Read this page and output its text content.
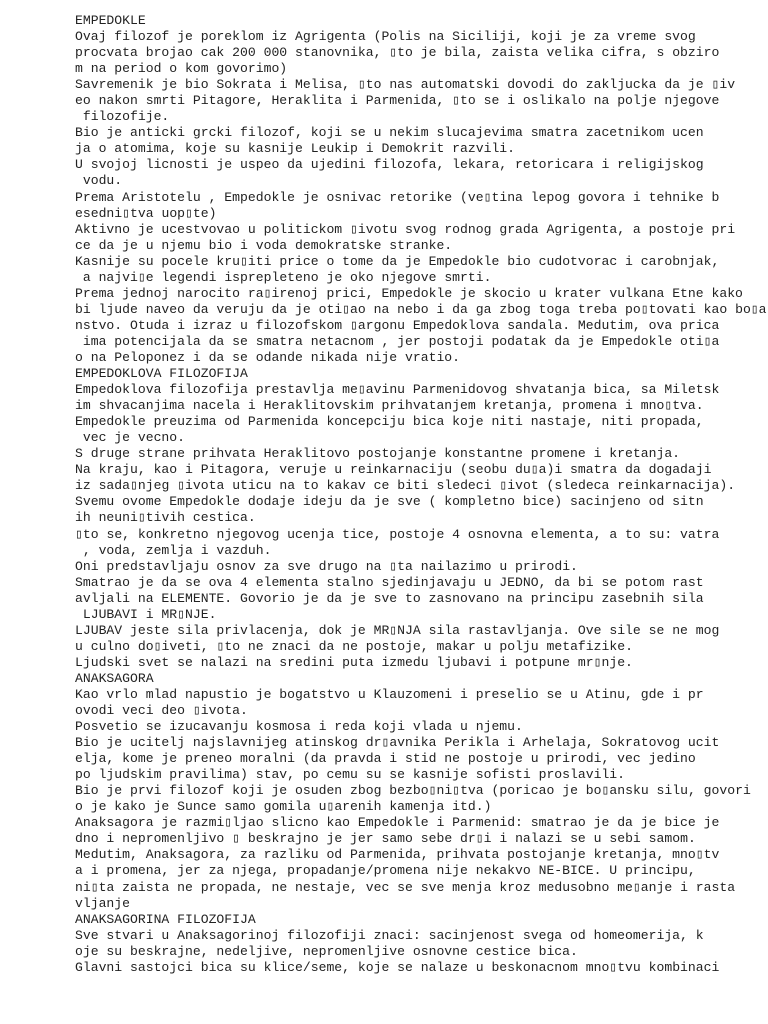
EMPEDOKLE
Ovaj filozof je poreklom iz Agrigenta (Polis na Siciliji, koji je za vreme svog
procvata brojao cak 200 000 stanovnika, ▯to je bila, zaista velika cifra, s obziro
m na period o kom govorimo)
Savremenik je bio Sokrata i Melisa, ▯to nas automatski dovodi do zakljucka da je ▯iv
eo nakon smrti Pitagore, Heraklita i Parmenida, ▯to se i oslikalo na polje njegove
filozofije.
Bio je anticki grcki filozof, koji se u nekim slucajevima smatra zacetnikom ucen
ja o atomima, koje su kasnije Leukip i Demokrit razvili.
U svojoj licnosti je uspeo da ujedini filozofa, lekara, retoricara i religijskog
vodu.
Prema Aristotelu , Empedokle je osnivac retorike (ve▯tina lepog govora i tehnike b
esedni▯tva uop▯te)
Aktivno je ucestvovao u politickom ▯ivotu svog rodnog grada Agrigenta, a postoje pri
ce da je u njemu bio i voda demokratske stranke.
Kasnije su pocele kru▯iti price o tome da je Empedokle bio cudotvorac i carobnjak,
a najvi▯e legendi isprepleteno je oko njegove smrti.
Prema jednoj narocito ra▯irenoj prici, Empedokle je skocio u krater vulkana Etne kako
bi ljude naveo da veruju da je oti▯ao na nebo i da ga zbog toga treba po▯tovati kao bo▯a
nstvo. Otuda i izraz u filozofskom ▯argonu Empedoklova sandala. Medutim, ova prica
ima potencijala da se smatra netacnom , jer postoji podatak da je Empedokle oti▯a
o na Peloponez i da se odande nikada nije vratio.
EMPEDOKLOVA FILOZOFIJA
Empedoklova filozofija prestavlja me▯avinu Parmenidovog shvatanja bica, sa Miletsk
im shvacanjima nacela i Heraklitovskim prihvatanjem kretanja, promena i mno▯tva.
Empedokle preuzima od Parmenida koncepciju bica koje niti nastaje, niti propada,
vec je vecno.
S druge strane prihvata Heraklitovo postojanje konstantne promene i kretanja.
Na kraju, kao i Pitagora, veruje u reinkarnaciju (seobu du▯a)i smatra da dogadaji
iz sada▯njeg ▯ivota uticu na to kakav ce biti sledeci ▯ivot (sledeca reinkarnacija).
Svemu ovome Empedokle dodaje ideju da je sve ( kompletno bice) sacinjeno od sitn
ih neuni▯tivih cestica.
▯to se, konkretno njegovog ucenja tice, postoje 4 osnovna elementa, a to su: vatra
, voda, zemlja i vazduh.
Oni predstavljaju osnov za sve drugo na ▯ta nailazimo u prirodi.
Smatrao je da se ova 4 elementa stalno sjedinjavaju u JEDNO, da bi se potom rast
avljali na ELEMENTE. Govorio je da je sve to zasnovano na principu zasebnih sila
LJUBAVI i MR▯NJE.
LJUBAV jeste sila privlacenja, dok je MR▯NJA sila rastavljanja. Ove sile se ne mog
u culno do▯iveti, ▯to ne znaci da ne postoje, makar u polju metafizike.
Ljudski svet se nalazi na sredini puta izmedu ljubavi i potpune mr▯nje.
ANAKSAGORA
Kao vrlo mlad napustio je bogatstvo u Klauzomeni i preselio se u Atinu, gde i pr
ovodi veci deo ▯ivota.
Posvetio se izucavanju kosmosa i reda koji vlada u njemu.
Bio je ucitelj najslavnijeg atinskog dr▯avnika Perikla i Arhelaja, Sokratovog ucit
elja, kome je preneo moralni (da pravda i stid ne postoje u prirodi, vec jedino
po ljudskim pravilima) stav, po cemu su se kasnije sofisti proslavili.
Bio je prvi filozof koji je osuden zbog bezbo▯ni▯tva (poricao je bo▯ansku silu, govori
o je kako je Sunce samo gomila u▯arenih kamenja itd.)
Anaksagora je razmi▯ljao slicno kao Empedokle i Parmenid: smatrao je da je bice je
dno i nepromenljivo ▯ beskrajno je jer samo sebe dr▯i i nalazi se u sebi samom.
Medutim, Anaksagora, za razliku od Parmenida, prihvata postojanje kretanja, mno▯tv
a i promena, jer za njega, propadanje/promena nije nekakvo NE-BICE. U principu,
ni▯ta zaista ne propada, ne nestaje, vec se sve menja kroz medusobno me▯anje i rasta
vljanje
ANAKSAGORINA FILOZOFIJA
Sve stvari u Anaksagorinoj filozofiji znaci: sacinjenost svega od homeomerija, k
oje su beskrajne, nedeljive, nepromenljive osnovne cestice bica.
Glavni sastojci bica su klice/seme, koje se nalaze u beskonacnom mno▯tvu kombinaci
